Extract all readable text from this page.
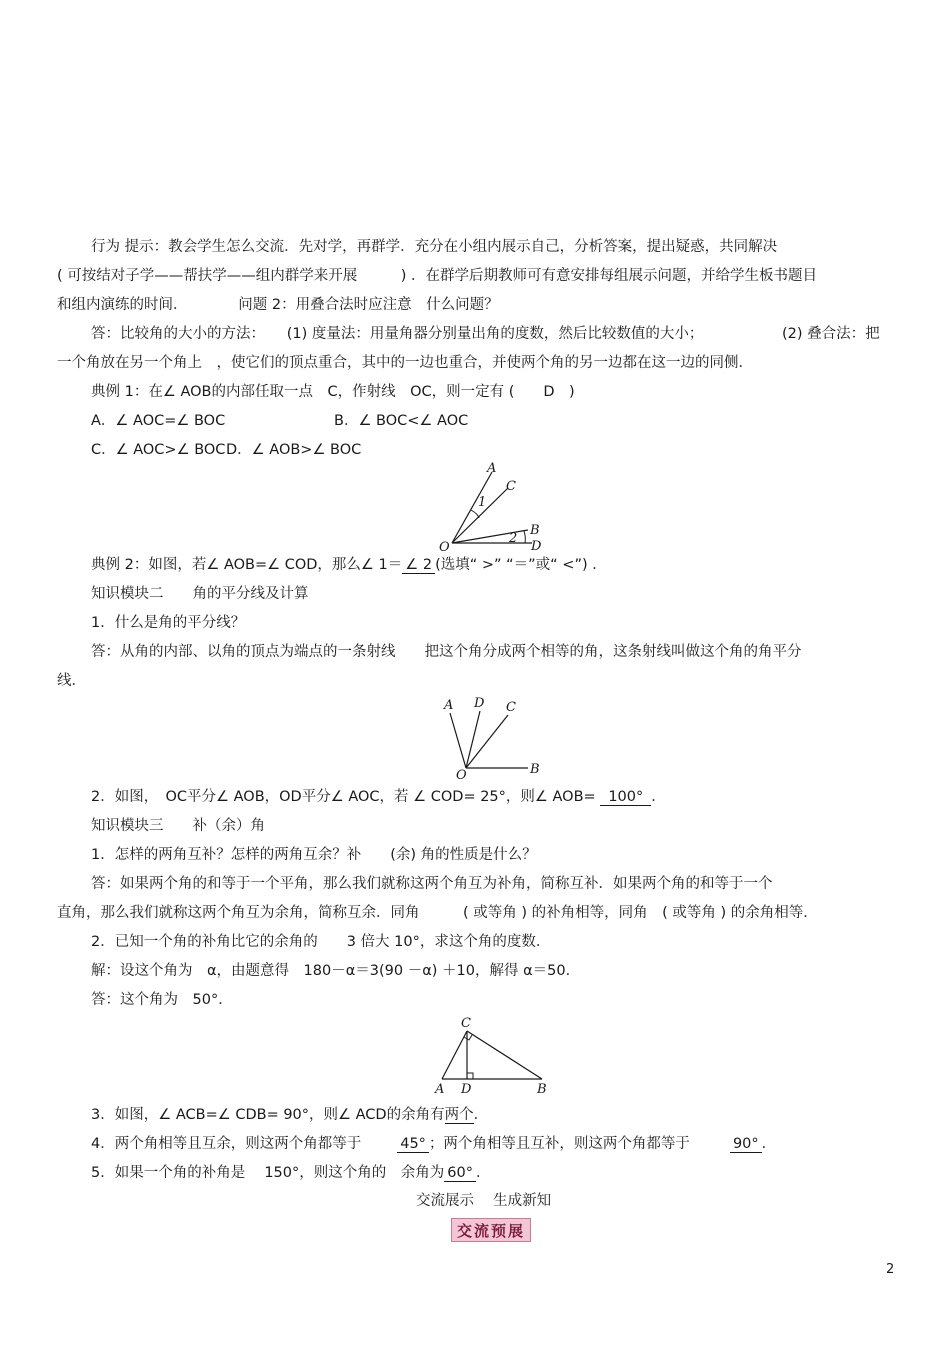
行为 提示：教会学生怎么交流．先对学，再群学．充分在小组内展示自己，分析答案，提出疑惑，共同解决
( 可按结对子学——帮扶学——组内群学来开展　　　) ．在群学后期教师可有意安排每组展示问题，并给学生板书题目
和组内演练的时间．　　　　问题 2：用叠合法时应注意　什么问题？
答：比较角的大小的方法：　　(1) 度量法：用量角器分别量出角的度数，然后比较数值的大小；	(2) 叠合法：把
一个角放在另一个角上　，使它们的顶点重合，其中的一边也重合，并使两个角的另一边都在这一边的同侧．
典例 1：在∠ AOB的内部任取一点　C，作射线　OC，则一定有 (　　D　)
A．∠ AOC=∠ BOC	B．∠ BOC<∠ AOC
C．∠ AOC>∠ BOC D．∠ AOB>∠ BOC
A
C
1
B
2
O	D
典例 2：如图，若∠ AOB=∠ COD，那么∠ 1＝ ∠ 2 (选填“ >” “＝”或“ <”) ．
知识模块二　　角的平分线及计算
1．什么是角的平分线？
答：从角的内部、以角的顶点为端点的一条射线　　把这个角分成两个相等的角，这条射线叫做这个角的角平分
线．
A D C
O	B
2．如图，　OC平分∠ AOB，OD平分∠ AOC，若 ∠ COD= 25°，则∠ AOB= 100° ．
知识模块三　　补（余）角
1．怎样的两角互补？怎样的两角互余？补　　(余) 角的性质是什么？
答：如果两个角的和等于一个平角，那么我们就称这两个角互为补角，简称互补．如果两个角的和等于一个
直角，那么我们就称这两个角互为余角，简称互余．同角　　　( 或等角 ) 的补角相等，同角　( 或等角 ) 的余角相等．
2．已知一个角的补角比它的余角的　　3 倍大 10°，求这个角的度数．
解：设这个角为　α，由题意得　180－α＝3(90 －α) ＋10，解得 α＝50．
答：这个角为　50°．
C
A D	B
3．如图，∠ ACB=∠ CDB= 90°，则∠ ACD的余角有两个．
4．两个角相等且互余，则这两个角都等于	45° ；两个角相等且互补，则这两个角都等于	90° ．
5．如果一个角的补角是　 150°，则这个角的　余角为 60° ．
交流展示　 生成新知
交流预展
2
